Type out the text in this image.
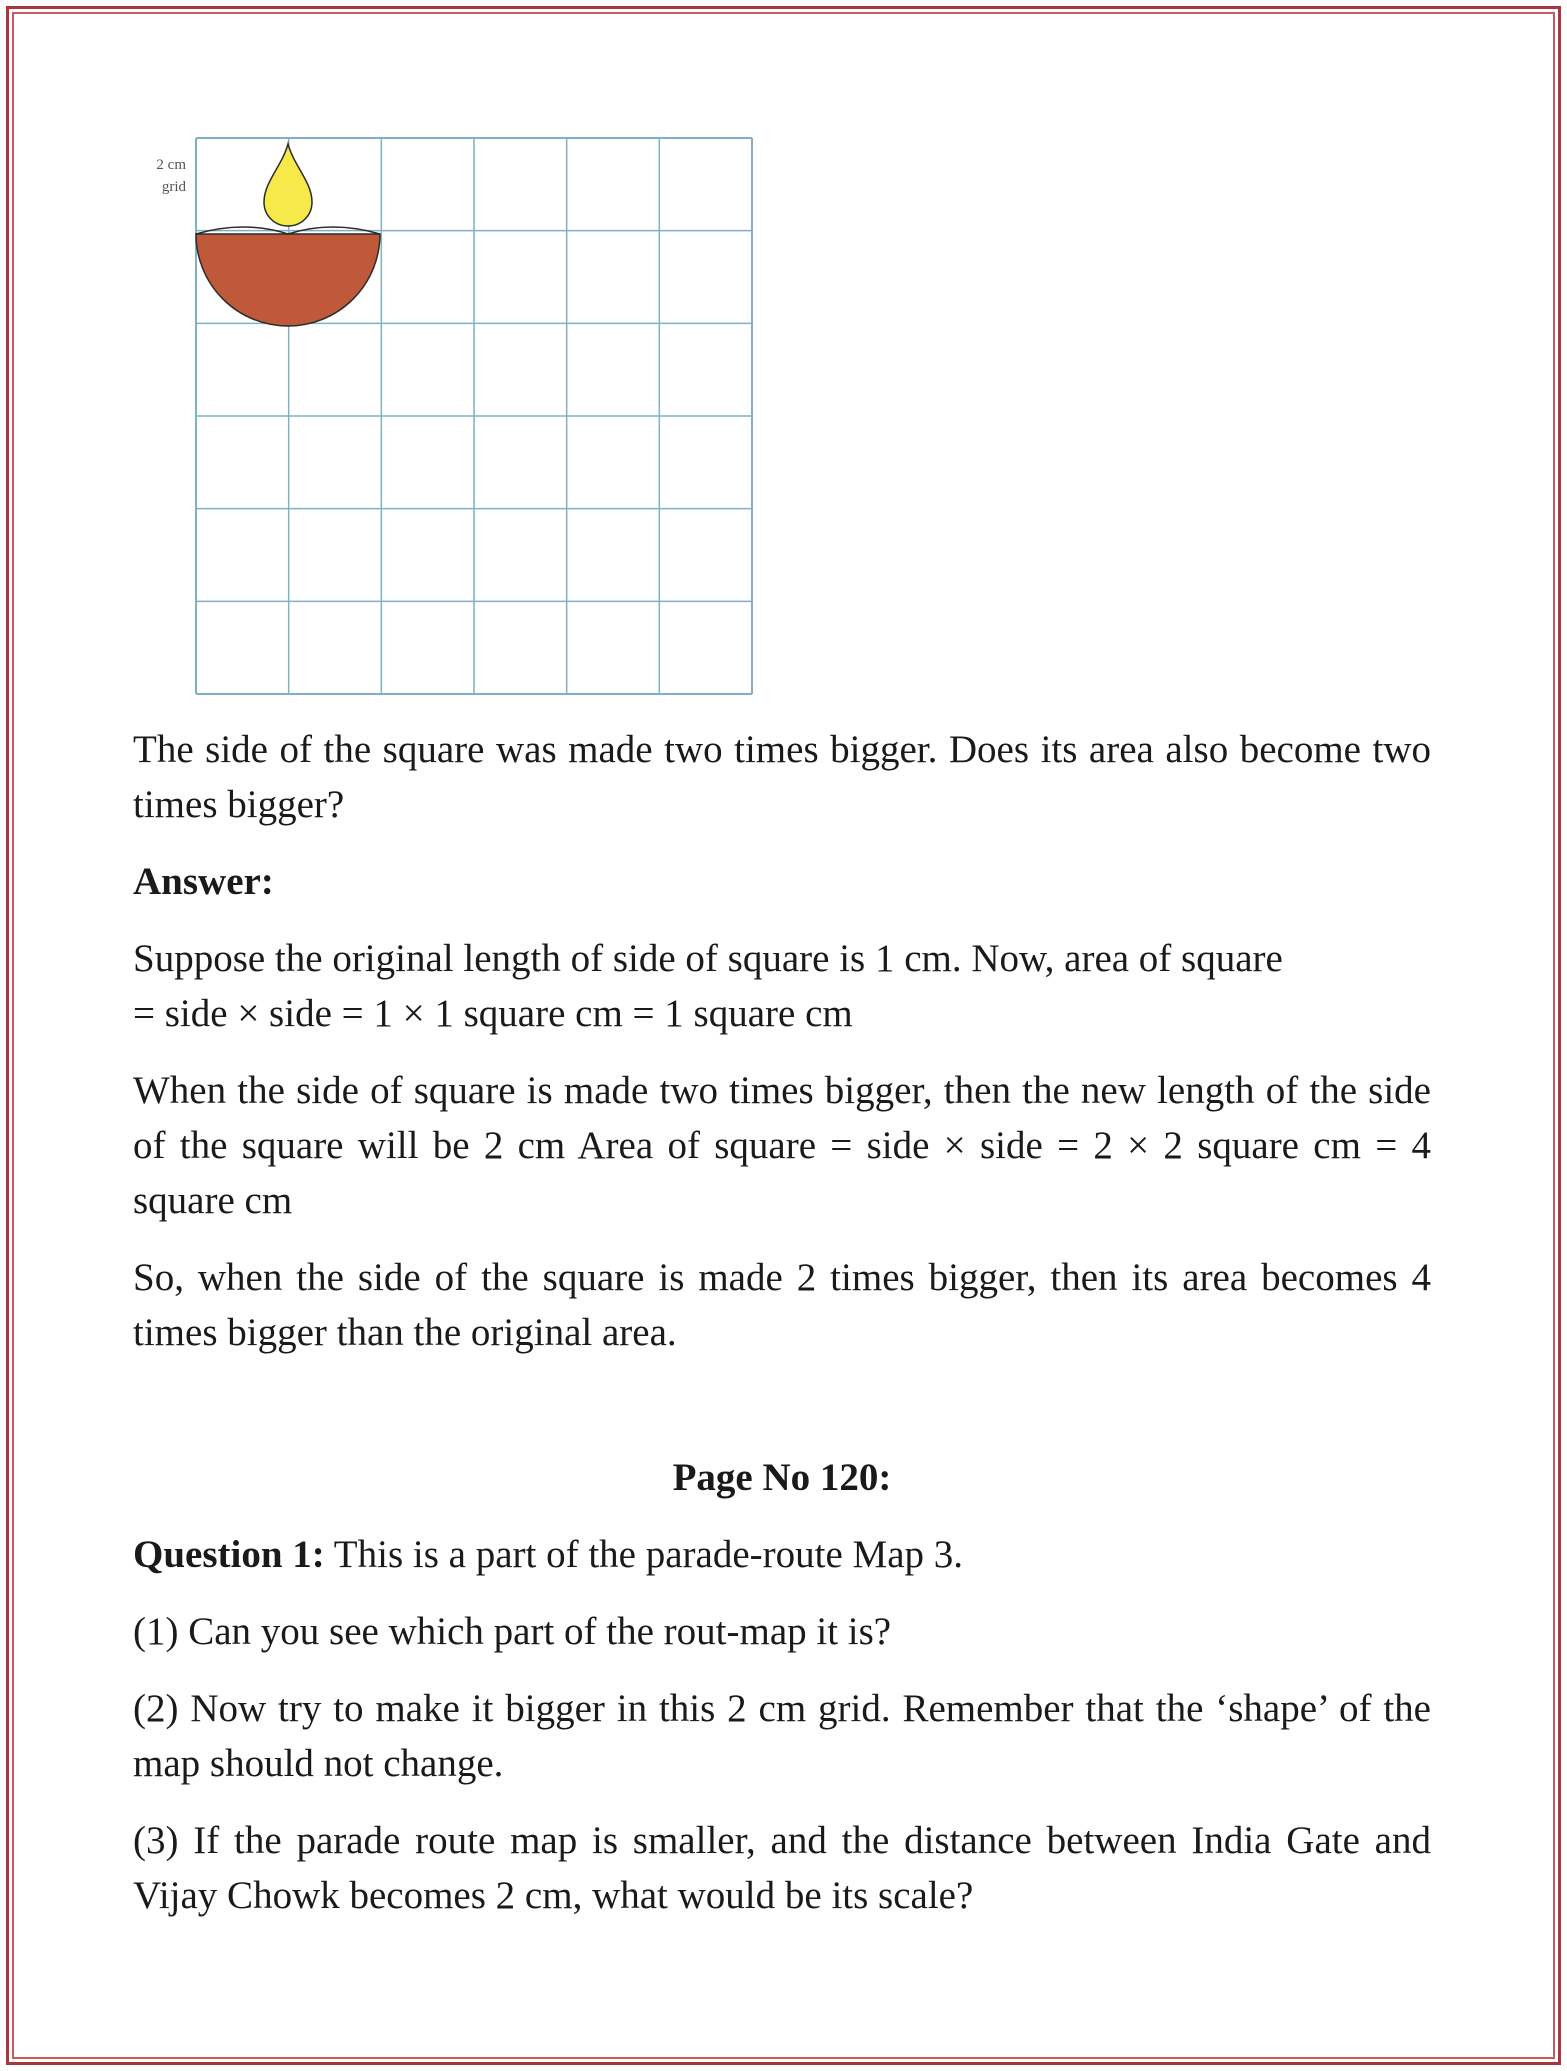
2 cm
grid

The side of the square was made two times bigger. Does its area also become two times bigger?

Answer:

Suppose the original length of side of square is 1 cm. Now, area of square
= side × side = 1 × 1 square cm = 1 square cm

When the side of square is made two times bigger, then the new length of the side of the square will be 2 cm Area of square = side × side = 2 × 2 square cm = 4 square cm

So, when the side of the square is made 2 times bigger, then its area becomes 4 times bigger than the original area.

Page No 120:

Question 1: This is a part of the parade-route Map 3.

(1) Can you see which part of the rout-map it is?

(2) Now try to make it bigger in this 2 cm grid. Remember that the ‘shape’ of the map should not change.

(3) If the parade route map is smaller, and the distance between India Gate and Vijay Chowk becomes 2 cm, what would be its scale?
